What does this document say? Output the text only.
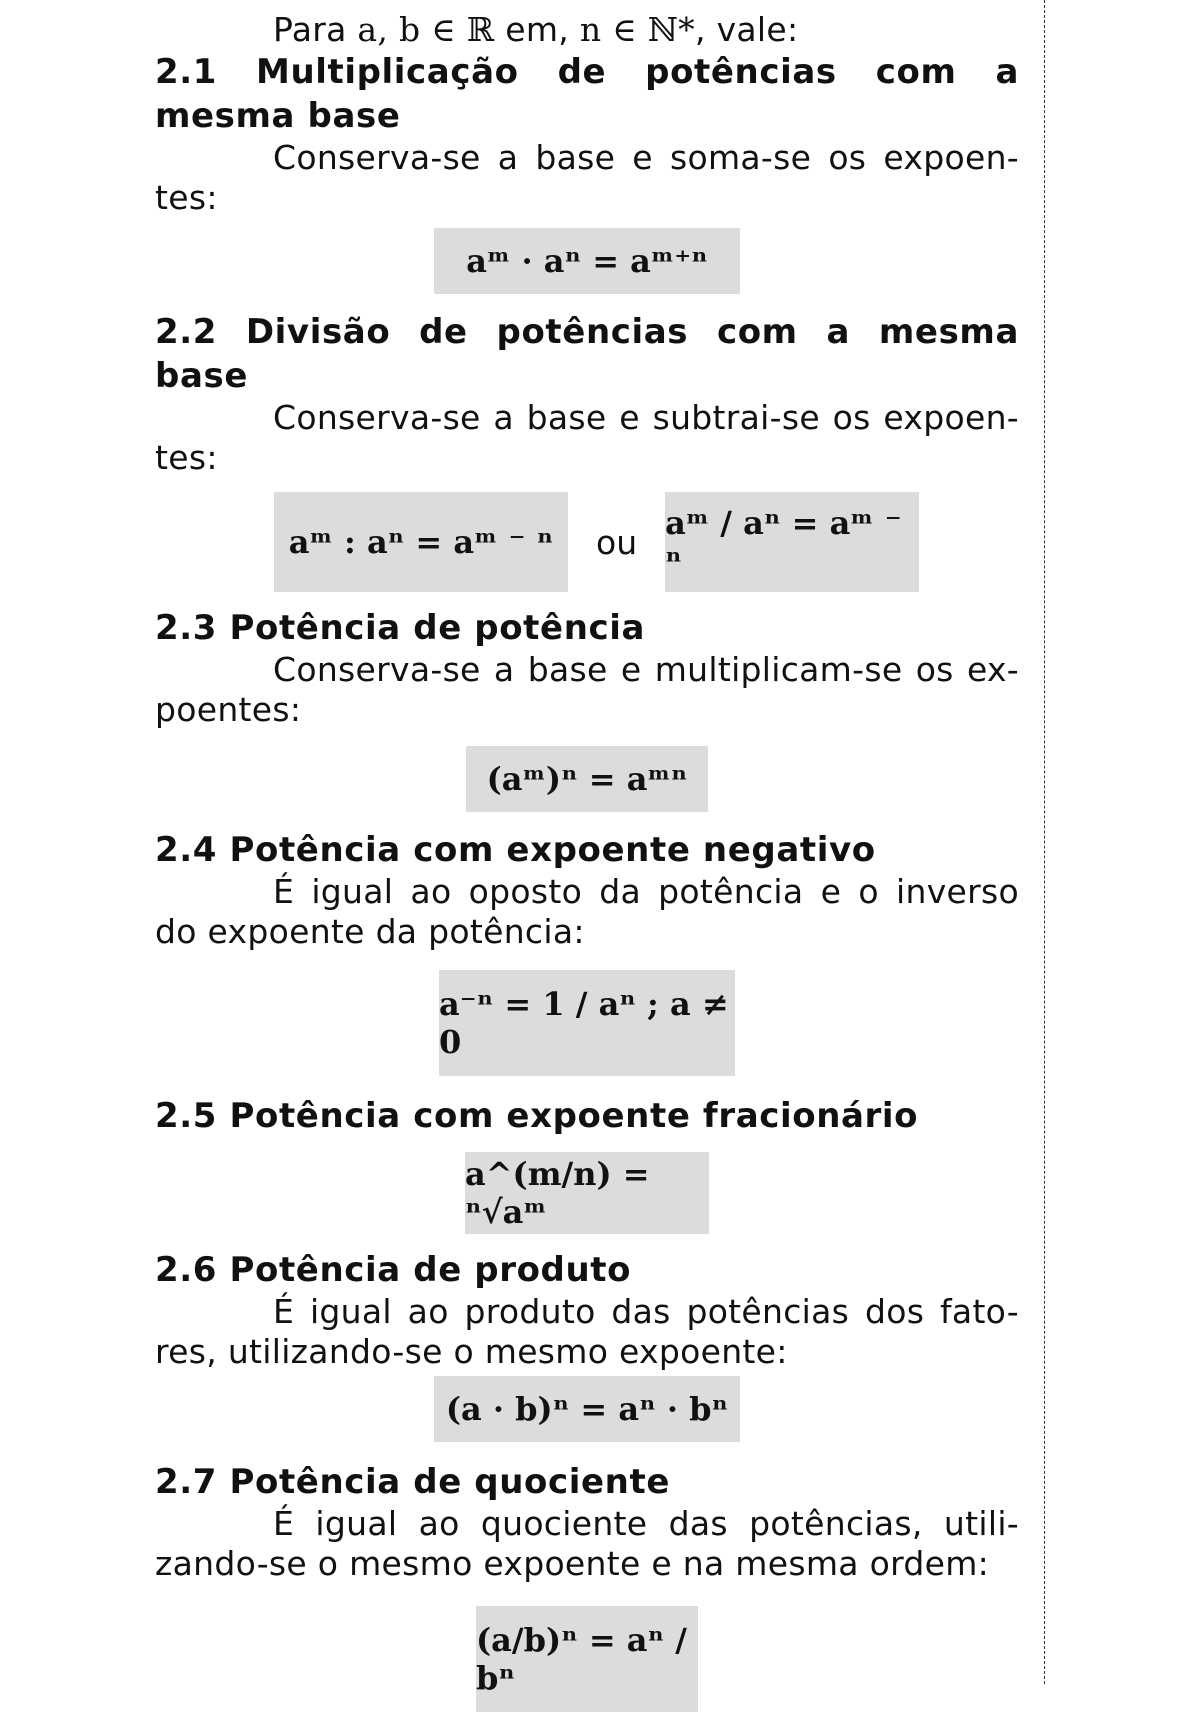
Para a, b ∈ ℝ em, n ∈ ℕ*, vale:

2.1 Multiplicação de potências com a mesma base

Conserva-se a base e soma-se os expoen-tes:

aᵐ · aⁿ = aᵐ⁺ⁿ
2.2 Divisão de potências com a mesma base

Conserva-se a base e subtrai-se os expoen-tes:

aᵐ : aⁿ = aᵐ ⁻ ⁿ ou aᵐ / aⁿ = aᵐ ⁻ ⁿ
2.3 Potência de potência

Conserva-se a base e multiplicam-se os ex-poentes:

(aᵐ)ⁿ = aᵐⁿ
2.4 Potência com expoente negativo

É igual ao oposto da potência e o inverso do expoente da potência:

a⁻ⁿ = 1 / aⁿ ; a ≠ 0
2.5 Potência com expoente fracionário
a^(m/n) = ⁿ√aᵐ
2.6 Potência de produto

É igual ao produto das potências dos fato-res, utilizando-se o mesmo expoente:

(a · b)ⁿ = aⁿ · bⁿ
2.7 Potência de quociente

É igual ao quociente das potências, utili-zando-se o mesmo expoente e na mesma ordem:

(a/b)ⁿ = aⁿ / bⁿ
